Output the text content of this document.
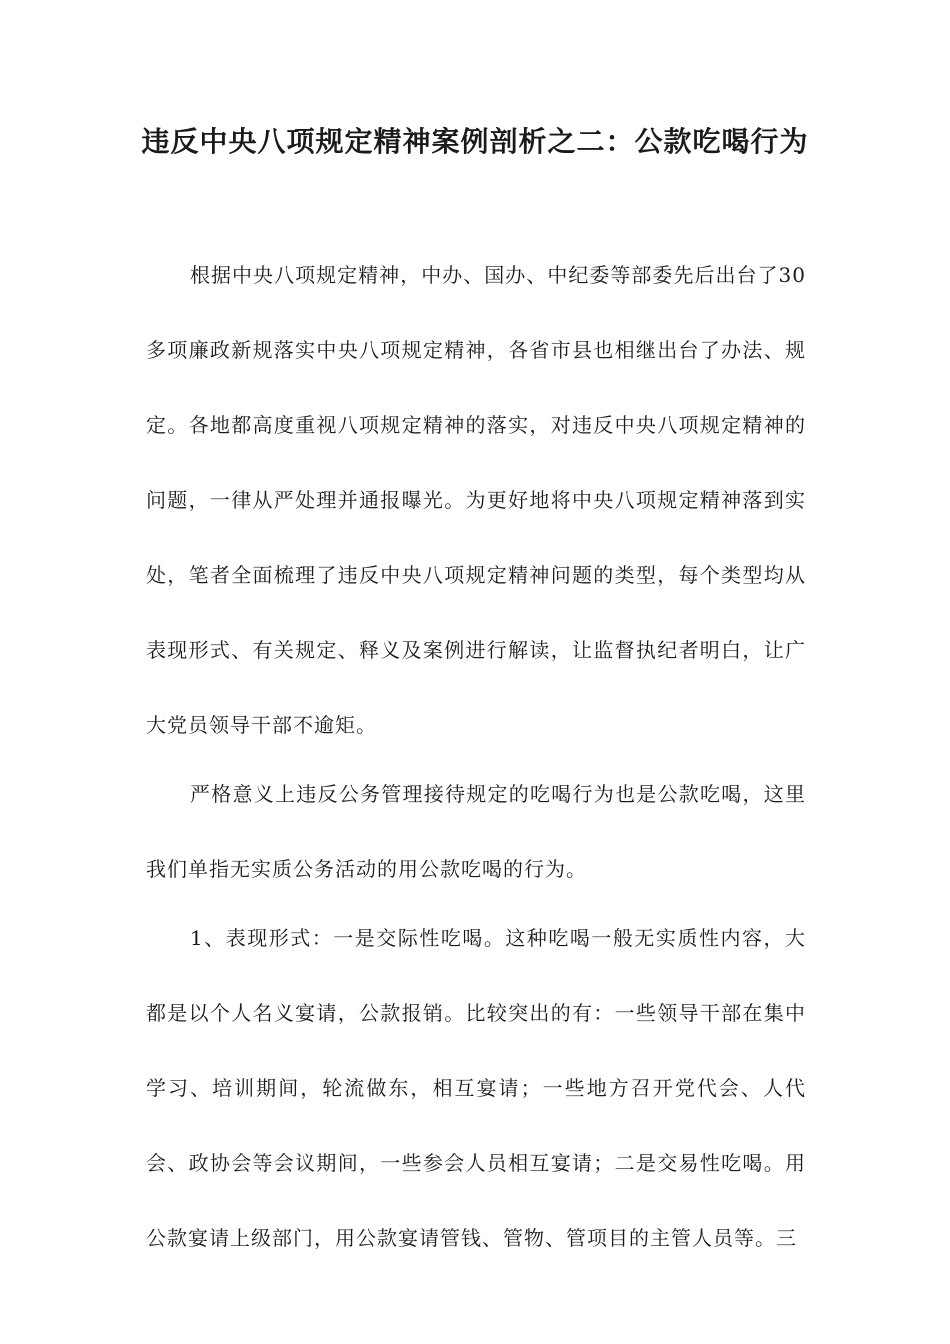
违反中央八项规定精神案例剖析之二：公款吃喝行为

根据中央八项规定精神，中办、国办、中纪委等部委先后出台了30多项廉政新规落实中央八项规定精神，各省市县也相继出台了办法、规定。各地都高度重视八项规定精神的落实，对违反中央八项规定精神的问题，一律从严处理并通报曝光。为更好地将中央八项规定精神落到实处，笔者全面梳理了违反中央八项规定精神问题的类型，每个类型均从表现形式、有关规定、释义及案例进行解读，让监督执纪者明白，让广大党员领导干部不逾矩。

严格意义上违反公务管理接待规定的吃喝行为也是公款吃喝，这里我们单指无实质公务活动的用公款吃喝的行为。

1、表现形式：一是交际性吃喝。这种吃喝一般无实质性内容，大都是以个人名义宴请，公款报销。比较突出的有：一些领导干部在集中学习、培训期间，轮流做东，相互宴请；一些地方召开党代会、人代会、政协会等会议期间，一些参会人员相互宴请；二是交易性吃喝。用公款宴请上级部门，用公款宴请管钱、管物、管项目的主管人员等。三
